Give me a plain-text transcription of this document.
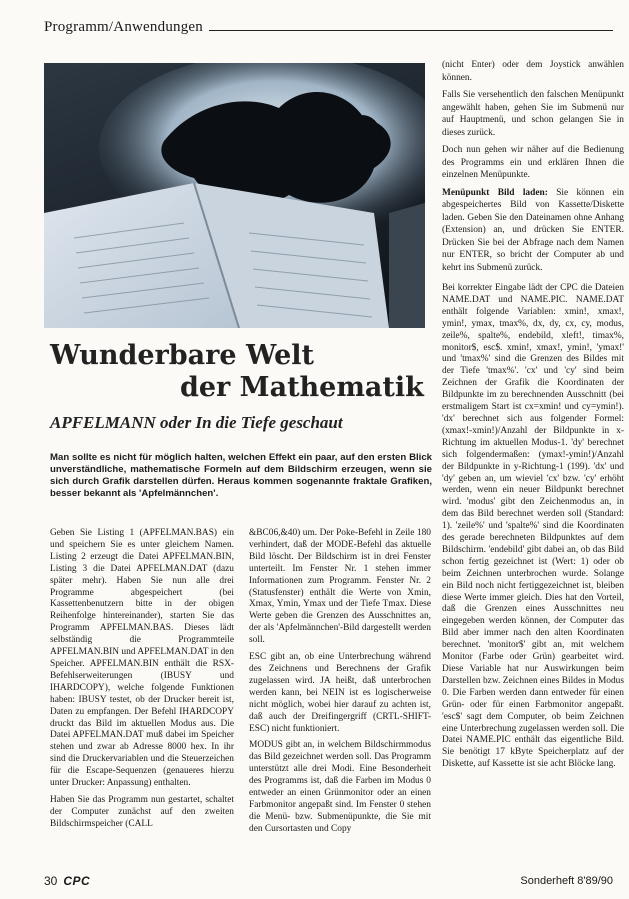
Programm/Anwendungen

(nicht Enter) oder dem Joystick anwählen können.

Falls Sie versehentlich den falschen Menüpunkt angewählt haben, gehen Sie im Submenü nur auf Hauptmenü, und schon gelangen Sie in dieses zurück.

Doch nun gehen wir näher auf die Bedienung des Programms ein und erklären Ihnen die einzelnen Menüpunkte.

Menüpunkt Bild laden: Sie können ein abgespeichertes Bild von Kassette/Diskette laden. Geben Sie den Dateinamen ohne Anhang (Extension) an, und drücken Sie ENTER. Drücken Sie bei der Abfrage nach dem Namen nur ENTER, so bricht der Computer ab und kehrt ins Submenü zurück.

Wunderbare Welt
der Mathematik
APFELMANN oder In die Tiefe geschaut
Man sollte es nicht für möglich halten, welchen Effekt ein paar, auf den ersten Blick unverständliche, mathematische Formeln auf dem Bildschirm erzeugen, wenn sie sich durch Grafik darstellen dürfen. Heraus kommen sogenannte fraktale Grafiken, besser bekannt als 'Apfelmännchen'.

Geben Sie Listing 1 (APFELMAN.BAS) ein und speichern Sie es unter gleichem Namen. Listing 2 erzeugt die Datei APFELMAN.BIN, Listing 3 die Datei APFELMAN.DAT (dazu später mehr). Haben Sie nun alle drei Programme abgespeichert (bei Kassettenbenutzern bitte in der obigen Reihenfolge hintereinander), starten Sie das Programm APFELMAN.BAS. Dieses lädt selbständig die Programmteile APFELMAN.BIN und APFELMAN.DAT in den Speicher. APFELMAN.BIN enthält die RSX-Befehlserweiterungen (IBUSY und IHARDCOPY), welche folgende Funktionen haben: IBUSY testet, ob der Drucker bereit ist, Daten zu empfangen. Der Befehl IHARDCOPY druckt das Bild im aktuellen Modus aus. Die Datei APFELMAN.DAT muß dabei im Speicher stehen und zwar ab Adresse 8000 hex. In ihr sind die Druckervariablen und die Steuerzeichen für die Escape-Sequenzen (genaueres hierzu unter Drucker: Anpassung) enthalten.

Haben Sie das Programm nun gestartet, schaltet der Computer zunächst auf den zweiten Bildschirmspeicher (CALL

&BC06,&40) um. Der Poke-Befehl in Zeile 180 verhindert, daß der MODE-Befehl das aktuelle Bild löscht. Der Bildschirm ist in drei Fenster unterteilt. Im Fenster Nr. 1 stehen immer Informationen zum Programm. Fenster Nr. 2 (Statusfenster) enthält die Werte von Xmin, Xmax, Ymin, Ymax und der Tiefe Tmax. Diese Werte geben die Grenzen des Ausschnittes an, der als 'Apfelmännchen'-Bild dargestellt werden soll.

ESC gibt an, ob eine Unterbrechung während des Zeichnens und Berechnens der Grafik zugelassen wird. JA heißt, daß unterbrochen werden kann, bei NEIN ist es logischerweise nicht möglich, wobei hier darauf zu achten ist, daß auch der Dreifingergriff (CRTL-SHIFT-ESC) nicht funktioniert.

MODUS gibt an, in welchem Bildschirmmodus das Bild gezeichnet werden soll. Das Programm unterstützt alle drei Modi. Eine Besonderheit des Programms ist, daß die Farben im Modus 0 entweder an einen Grünmonitor oder an einen Farbmonitor angepaßt sind. Im Fenster 0 stehen die Menü- bzw. Submenüpunkte, die Sie mit den Cursortasten und Copy

Bei korrekter Eingabe lädt der CPC die Dateien NAME.DAT und NAME.PIC. NAME.DAT enthält folgende Variablen: xmin!, xmax!, ymin!, ymax, tmax%, dx, dy, cx, cy, modus, zeile%, spalte%, endebild, xleft!, timax%, monitor$, esc$. xmin!, xmax!, ymin!, 'ymax!' und 'tmax%' sind die Grenzen des Bildes mit der Tiefe 'tmax%'. 'cx' und 'cy' sind beim Zeichnen der Grafik die Koordinaten der Bildpunkte im zu berechnenden Ausschnitt (bei erstmaligem Start ist cx=xmin! und cy=ymin!). 'dx' berechnet sich aus folgender Formel: (xmax!-xmin!)/Anzahl der Bildpunkte in x-Richtung im aktuellen Modus-1. 'dy' berechnet sich folgendermaßen: (ymax!-ymin!)/Anzahl der Bildpunkte in y-Richtung-1 (199). 'dx' und 'dy' geben an, um wieviel 'cx' bzw. 'cy' erhöht werden, wenn ein neuer Bildpunkt berechnet wird. 'modus' gibt den Zeichenmodus an, in dem das Bild berechnet werden soll (Standard: 1). 'zeile%' und 'spalte%' sind die Koordinaten des gerade berechneten Bildpunktes auf dem Bildschirm. 'endebild' gibt dabei an, ob das Bild schon fertig gezeichnet ist (Wert: 1) oder ob beim Zeichnen unterbrochen wurde. Solange ein Bild noch nicht fertiggezeichnet ist, bleiben diese Werte immer gleich. Dies hat den Vorteil, daß die Grenzen eines Ausschnittes neu eingegeben werden können, der Computer das Bild aber immer nach den alten Koordinaten berechnet. 'monitor$' gibt an, mit welchem Monitor (Farbe oder Grün) gearbeitet wird. Diese Variable hat nur Auswirkungen beim Darstellen bzw. Zeichnen eines Bildes in Modus 0. Die Farben werden dann entweder für einen Grün- oder für einen Farbmonitor angepaßt. 'esc$' sagt dem Computer, ob beim Zeichnen eine Unterbrechung zugelassen werden soll. Die Datei NAME.PIC enthält das eigentliche Bild. Sie benötigt 17 kByte Speicherplatz auf der Diskette, auf Kassette ist sie acht Blöcke lang.

30 CPC	Sonderheft 8'89/90
